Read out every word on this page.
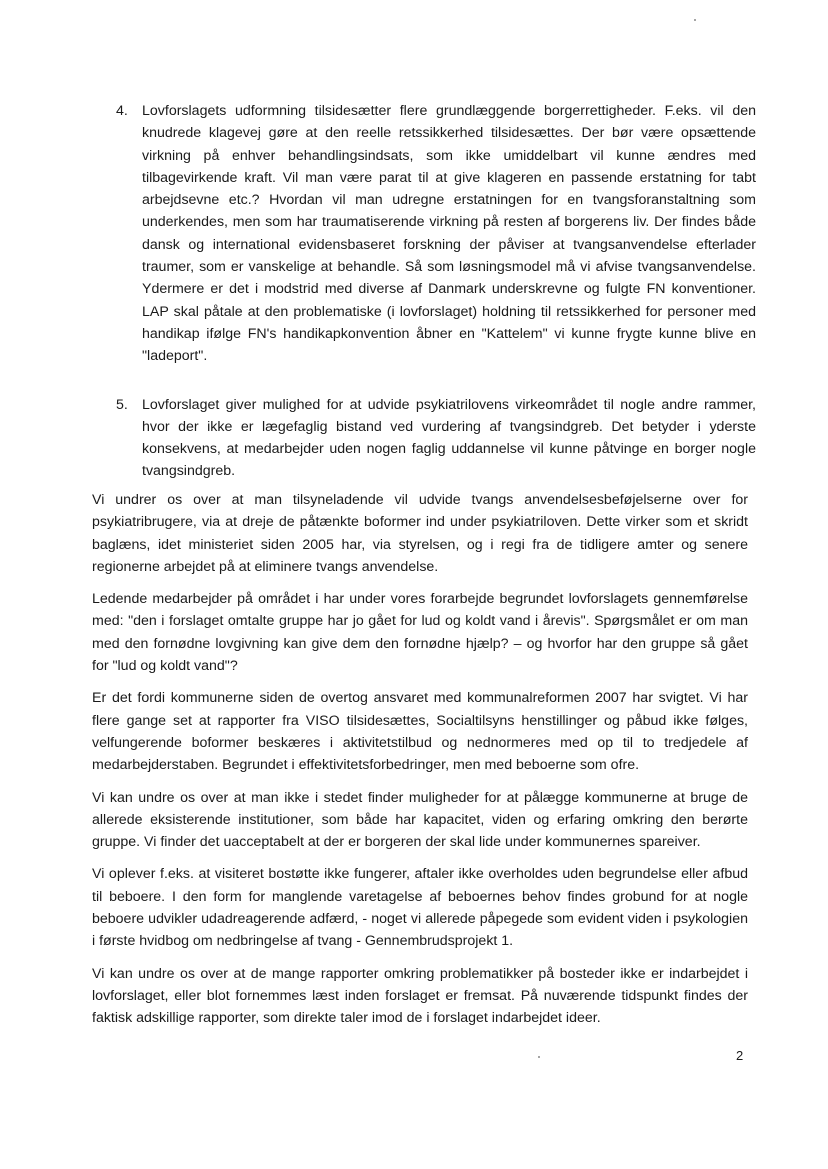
4. Lovforslagets udformning tilsidesætter flere grundlæggende borgerrettigheder. F.eks. vil den knudrede klagevej gøre at den reelle retssikkerhed tilsidesættes. Der bør være opsættende virkning på enhver behandlingsindsats, som ikke umiddelbart vil kunne ændres med tilbagevirkende kraft. Vil man være parat til at give klageren en passende erstatning for tabt arbejdsevne etc.? Hvordan vil man udregne erstatningen for en tvangsforanstaltning som underkendes, men som har traumatiserende virkning på resten af borgerens liv. Der findes både dansk og international evidensbaseret forskning der påviser at tvangsanvendelse efterlader traumer, som er vanskelige at behandle. Så som løsningsmodel må vi afvise tvangsanvendelse. Ydermere er det i modstrid med diverse af Danmark underskrevne og fulgte FN konventioner. LAP skal påtale at den problematiske (i lovforslaget) holdning til retssikkerhed for personer med handikap ifølge FN's handikapkonvention åbner en "Kattelem" vi kunne frygte kunne blive en "ladeport".
5. Lovforslaget giver mulighed for at udvide psykiatrilovens virkeområdet til nogle andre rammer, hvor der ikke er lægefaglig bistand ved vurdering af tvangsindgreb. Det betyder i yderste konsekvens, at medarbejder uden nogen faglig uddannelse vil kunne påtvinge en borger nogle tvangsindgreb.

Vi undrer os over at man tilsyneladende vil udvide tvangs anvendelsesbeføjelserne over for psykiatribrugere, via at dreje de påtænkte boformer ind under psykiatriloven. Dette virker som et skridt baglæns, idet ministeriet siden 2005 har, via styrelsen, og i regi fra de tidligere amter og senere regionerne arbejdet på at eliminere tvangs anvendelse.

Ledende medarbejder på området i har under vores forarbejde begrundet lovforslagets gennemførelse med: "den i forslaget omtalte gruppe har jo gået for lud og koldt vand i årevis". Spørgsmålet er om man med den fornødne lovgivning kan give dem den fornødne hjælp? – og hvorfor har den gruppe så gået for "lud og koldt vand"?

Er det fordi kommunerne siden de overtog ansvaret med kommunalreformen 2007 har svigtet. Vi har flere gange set at rapporter fra VISO tilsidesættes, Socialtilsyns henstillinger og påbud ikke følges, velfungerende boformer beskæres i aktivitetstilbud og nednormeres med op til to tredjedele af medarbejderstaben. Begrundet i effektivitetsforbedringer, men med beboerne som ofre.

Vi kan undre os over at man ikke i stedet finder muligheder for at pålægge kommunerne at bruge de allerede eksisterende institutioner, som både har kapacitet, viden og erfaring omkring den berørte gruppe. Vi finder det uacceptabelt at der er borgeren der skal lide under kommunernes spareiver.

Vi oplever f.eks. at visiteret bostøtte ikke fungerer, aftaler ikke overholdes uden begrundelse eller afbud til beboere. I den form for manglende varetagelse af beboernes behov findes grobund for at nogle beboere udvikler udadreagerende adfærd, - noget vi allerede påpegede som evident viden i psykologien i første hvidbog om nedbringelse af tvang - Gennembrudsprojekt 1.

Vi kan undre os over at de mange rapporter omkring problematikker på bosteder ikke er indarbejdet i lovforslaget, eller blot fornemmes læst inden forslaget er fremsat. På nuværende tidspunkt findes der faktisk adskillige rapporter, som direkte taler imod de i forslaget indarbejdet ideer.

2
